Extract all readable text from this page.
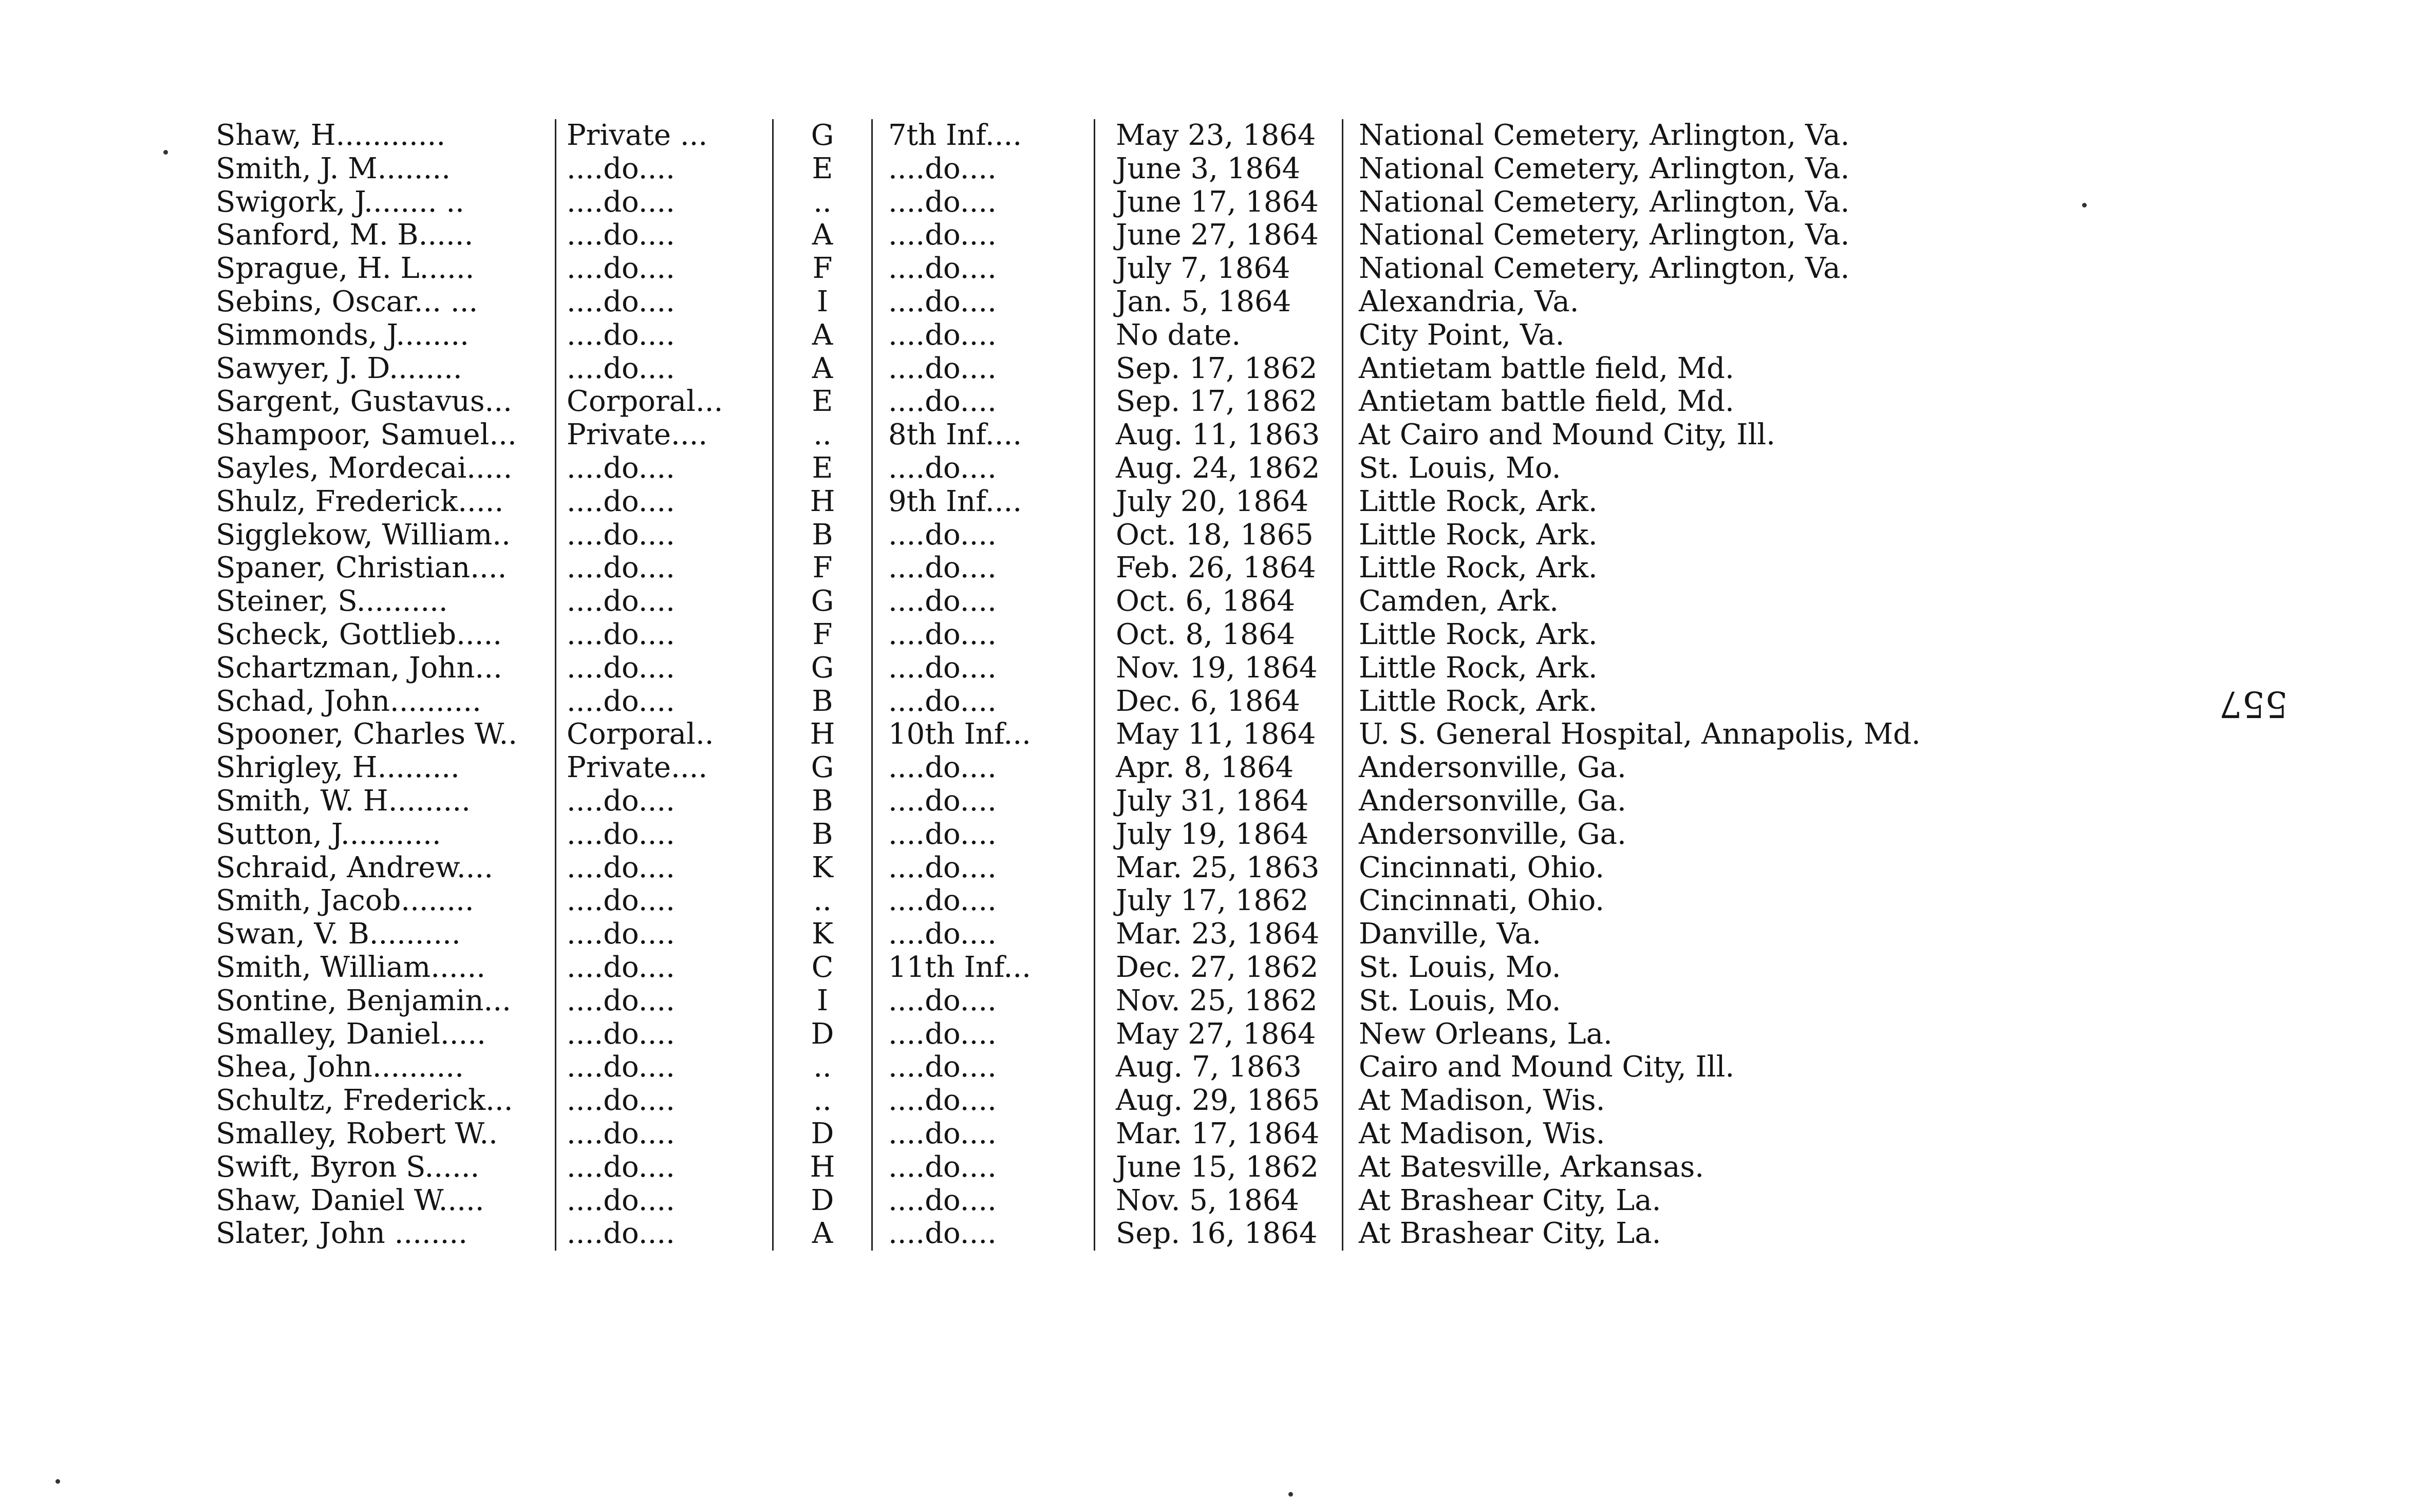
Shaw, H............	Private ...	G	7th Inf....	May 23, 1864	National Cemetery, Arlington, Va.
Smith, J. M........	....do....	E	....do....	June 3, 1864	National Cemetery, Arlington, Va.
Swigork, J........ ..	....do....	..	....do....	June 17, 1864	National Cemetery, Arlington, Va.
Sanford, M. B......	....do....	A	....do....	June 27, 1864	National Cemetery, Arlington, Va.
Sprague, H. L......	....do....	F	....do....	July 7, 1864	National Cemetery, Arlington, Va.
Sebins, Oscar... ...	....do....	I	....do....	Jan. 5, 1864	Alexandria, Va.
Simmonds, J........	....do....	A	....do....	No date.	City Point, Va.
Sawyer, J. D........	....do....	A	....do....	Sep. 17, 1862	Antietam battle field, Md.
Sargent, Gustavus...	Corporal...	E	....do....	Sep. 17, 1862	Antietam battle field, Md.
Shampoor, Samuel...	Private....	..	8th Inf....	Aug. 11, 1863	At Cairo and Mound City, Ill.
Sayles, Mordecai.....	....do....	E	....do....	Aug. 24, 1862	St. Louis, Mo.
Shulz, Frederick.....	....do....	H	9th Inf....	July 20, 1864	Little Rock, Ark.
Sigglekow, William..	....do....	B	....do....	Oct. 18, 1865	Little Rock, Ark.
Spaner, Christian....	....do....	F	....do....	Feb. 26, 1864	Little Rock, Ark.
Steiner, S..........	....do....	G	....do....	Oct. 6, 1864	Camden, Ark.
Scheck, Gottlieb.....	....do....	F	....do....	Oct. 8, 1864	Little Rock, Ark.
Schartzman, John...	....do....	G	....do....	Nov. 19, 1864	Little Rock, Ark.
Schad, John..........	....do....	B	....do....	Dec. 6, 1864	Little Rock, Ark.
Spooner, Charles W..	Corporal..	H	10th Inf...	May 11, 1864	U. S. General Hospital, Annapolis, Md.
Shrigley, H.........	Private....	G	....do....	Apr. 8, 1864	Andersonville, Ga.
Smith, W. H.........	....do....	B	....do....	July 31, 1864	Andersonville, Ga.
Sutton, J...........	....do....	B	....do....	July 19, 1864	Andersonville, Ga.
Schraid, Andrew....	....do....	K	....do....	Mar. 25, 1863	Cincinnati, Ohio.
Smith, Jacob........	....do....	..	....do....	July 17, 1862	Cincinnati, Ohio.
Swan, V. B..........	....do....	K	....do....	Mar. 23, 1864	Danville, Va.
Smith, William......	....do....	C	11th Inf...	Dec. 27, 1862	St. Louis, Mo.
Sontine, Benjamin...	....do....	I	....do....	Nov. 25, 1862	St. Louis, Mo.
Smalley, Daniel.....	....do....	D	....do....	May 27, 1864	New Orleans, La.
Shea, John..........	....do....	..	....do....	Aug. 7, 1863	Cairo and Mound City, Ill.
Schultz, Frederick...	....do....	..	....do....	Aug. 29, 1865	At Madison, Wis.
Smalley, Robert W..	....do....	D	....do....	Mar. 17, 1864	At Madison, Wis.
Swift, Byron S......	....do....	H	....do....	June 15, 1862	At Batesville, Arkansas.
Shaw, Daniel W.....	....do....	D	....do....	Nov. 5, 1864	At Brashear City, La.
Slater, John ........	....do....	A	....do....	Sep. 16, 1864	At Brashear City, La.
557
